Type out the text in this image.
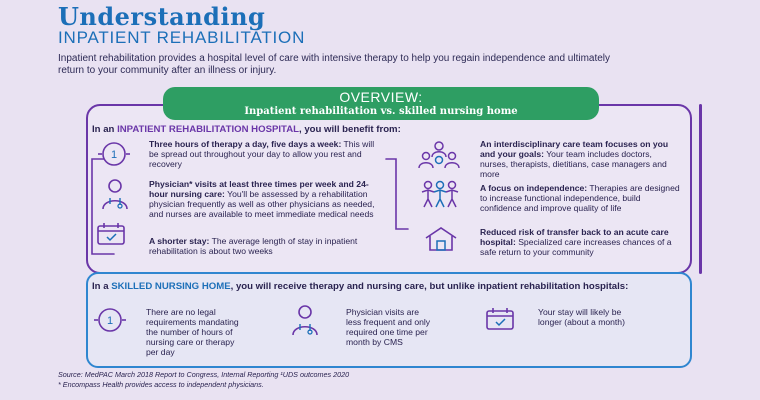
Understanding
INPATIENT REHABILITATION
Inpatient rehabilitation provides a hospital level of care with intensive therapy to help you regain independence and ultimately return to your community after an illness or injury.
OVERVIEW:
Inpatient rehabilitation vs. skilled nursing home
In an INPATIENT REHABILITATION HOSPITAL, you will benefit from:
1
Three hours of therapy a day, five days a week: This will be spread out throughout your day to allow you rest and recovery
Physician* visits at least three times per week and 24-hour nursing care: You'll be assessed by a rehabilitation physician frequently as well as other physicians as needed, and nurses are available to meet immediate medical needs
A shorter stay: The average length of stay in inpatient rehabilitation is about two weeks
An interdisciplinary care team focuses on you and your goals: Your team includes doctors, nurses, therapists, dietitians, case managers and more
A focus on independence: Therapies are designed to increase functional independence, build confidence and improve quality of life
Reduced risk of transfer back to an acute care hospital: Specialized care increases chances of a safe return to your community
In a SKILLED NURSING HOME, you will receive therapy and nursing care, but unlike inpatient rehabilitation hospitals:
1
There are no legal requirements mandating the number of hours of nursing care or therapy per day
Physician visits are less frequent and only required one time per month by CMS
Your stay will likely be longer (about a month)
Source: MedPAC March 2018 Report to Congress, Internal Reporting ¹UDS outcomes 2020
* Encompass Health provides access to independent physicians.
